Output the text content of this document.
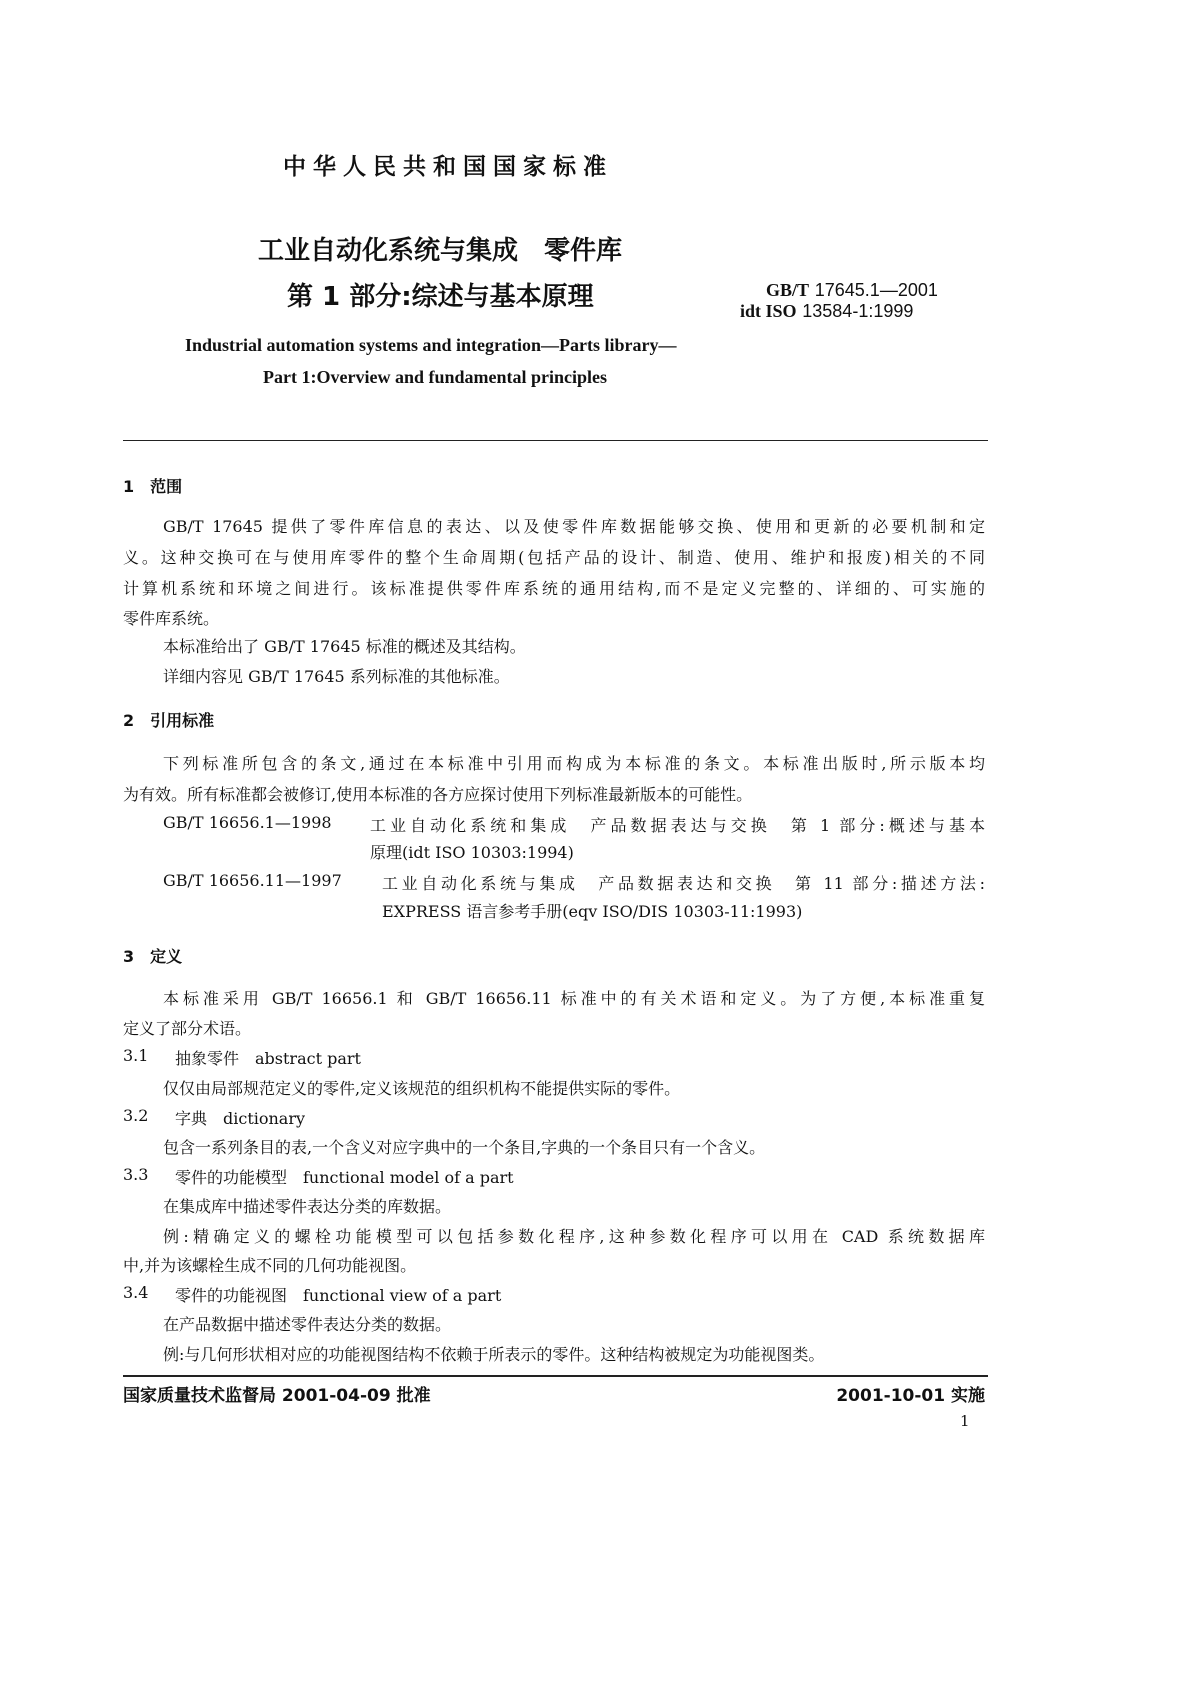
中华人民共和国国家标准
工业自动化系统与集成　零件库
第 1 部分:综述与基本原理	GB/T 17645.1—2001
idt ISO 13584-1:1999
Industrial automation systems and integration—Parts library—
Part 1:Overview and fundamental principles
1　范围
GB/T 17645 提供了零件库信息的表达、以及使零件库数据能够交换、使用和更新的必要机制和定
义。这种交换可在与使用库零件的整个生命周期(包括产品的设计、制造、使用、维护和报废)相关的不同
计算机系统和环境之间进行。该标准提供零件库系统的通用结构,而不是定义完整的、详细的、可实施的
零件库系统。
本标准给出了 GB/T 17645 标准的概述及其结构。
详细内容见 GB/T 17645 系列标准的其他标准。
2　引用标准
下列标准所包含的条文,通过在本标准中引用而构成为本标准的条文。本标准出版时,所示版本均
为有效。所有标准都会被修订,使用本标准的各方应探讨使用下列标准最新版本的可能性。
GB/T 16656.1—1998 工业自动化系统和集成　产品数据表达与交换　第 1 部分:概述与基本
原理(idt ISO 10303:1994)
GB/T 16656.11—1997	工业自动化系统与集成　产品数据表达和交换　第 11 部分:描述方法:
EXPRESS 语言参考手册(eqv ISO/DIS 10303-11:1993)
3　定义
本标准采用 GB/T 16656.1 和 GB/T 16656.11 标准中的有关术语和定义。为了方便,本标准重复
定义了部分术语。
3.1 抽象零件　abstract part
仅仅由局部规范定义的零件,定义该规范的组织机构不能提供实际的零件。
3.2 字典　dictionary
包含一系列条目的表,一个含义对应字典中的一个条目,字典的一个条目只有一个含义。
3.3 零件的功能模型　functional model of a part
在集成库中描述零件表达分类的库数据。
例:精确定义的螺栓功能模型可以包括参数化程序,这种参数化程序可以用在 CAD 系统数据库
中,并为该螺栓生成不同的几何功能视图。
3.4 零件的功能视图　functional view of a part
在产品数据中描述零件表达分类的数据。
例:与几何形状相对应的功能视图结构不依赖于所表示的零件。这种结构被规定为功能视图类。
国家质量技术监督局 2001-04-09 批准	2001-10-01 实施
1
